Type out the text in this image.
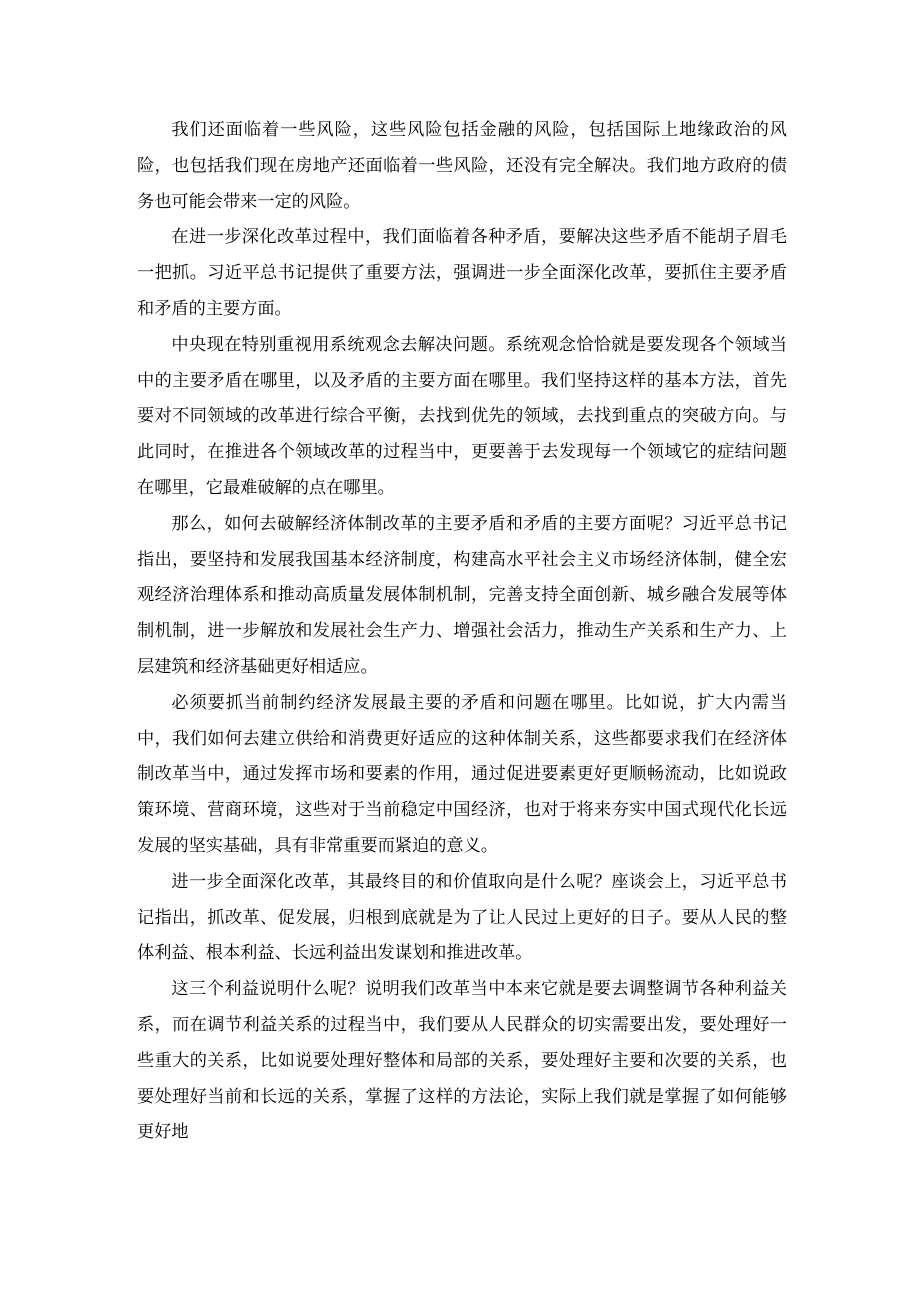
我们还面临着一些风险，这些风险包括金融的风险，包括国际上地缘政治的风险，也包括我们现在房地产还面临着一些风险，还没有完全解决。我们地方政府的债务也可能会带来一定的风险。

在进一步深化改革过程中，我们面临着各种矛盾，要解决这些矛盾不能胡子眉毛一把抓。习近平总书记提供了重要方法，强调进一步全面深化改革，要抓住主要矛盾和矛盾的主要方面。

中央现在特别重视用系统观念去解决问题。系统观念恰恰就是要发现各个领域当中的主要矛盾在哪里，以及矛盾的主要方面在哪里。我们坚持这样的基本方法，首先要对不同领域的改革进行综合平衡，去找到优先的领域，去找到重点的突破方向。与此同时，在推进各个领域改革的过程当中，更要善于去发现每一个领域它的症结问题在哪里，它最难破解的点在哪里。

那么，如何去破解经济体制改革的主要矛盾和矛盾的主要方面呢？习近平总书记指出，要坚持和发展我国基本经济制度，构建高水平社会主义市场经济体制，健全宏观经济治理体系和推动高质量发展体制机制，完善支持全面创新、城乡融合发展等体制机制，进一步解放和发展社会生产力、增强社会活力，推动生产关系和生产力、上层建筑和经济基础更好相适应。

必须要抓当前制约经济发展最主要的矛盾和问题在哪里。比如说，扩大内需当中，我们如何去建立供给和消费更好适应的这种体制关系，这些都要求我们在经济体制改革当中，通过发挥市场和要素的作用，通过促进要素更好更顺畅流动，比如说政策环境、营商环境，这些对于当前稳定中国经济，也对于将来夯实中国式现代化长远发展的坚实基础，具有非常重要而紧迫的意义。

进一步全面深化改革，其最终目的和价值取向是什么呢？座谈会上，习近平总书记指出，抓改革、促发展，归根到底就是为了让人民过上更好的日子。要从人民的整体利益、根本利益、长远利益出发谋划和推进改革。

这三个利益说明什么呢？说明我们改革当中本来它就是要去调整调节各种利益关系，而在调节利益关系的过程当中，我们要从人民群众的切实需要出发，要处理好一些重大的关系，比如说要处理好整体和局部的关系，要处理好主要和次要的关系，也要处理好当前和长远的关系，掌握了这样的方法论，实际上我们就是掌握了如何能够更好地
